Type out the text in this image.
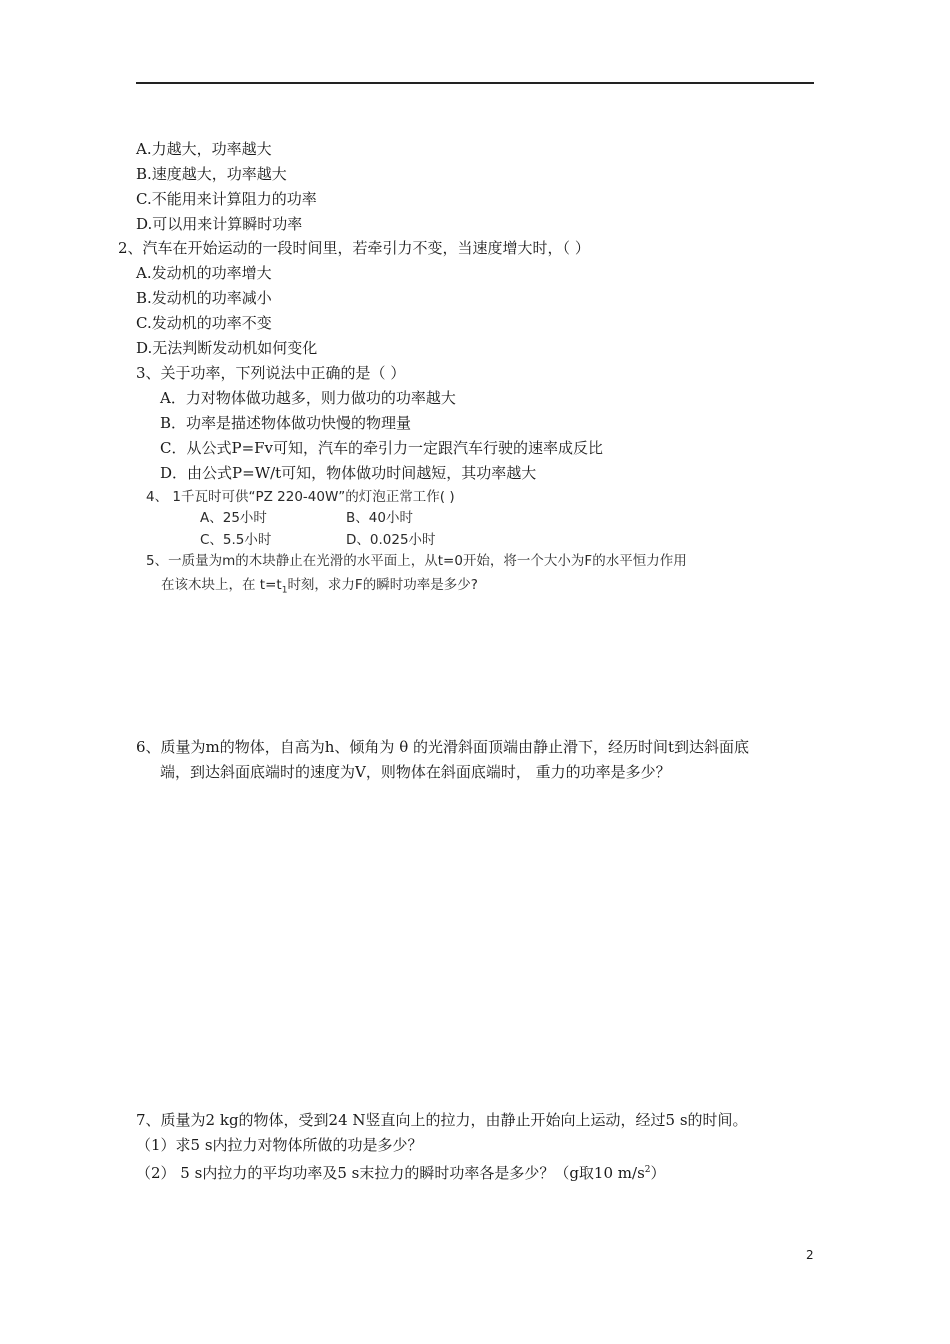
A.力越大，功率越大
B.速度越大，功率越大
C.不能用来计算阻力的功率
D.可以用来计算瞬时功率
2、汽车在开始运动的一段时间里，若牵引力不变，当速度增大时，（ ）
A.发动机的功率增大
B.发动机的功率减小
C.发动机的功率不变
D.无法判断发动机如何变化
3、关于功率，下列说法中正确的是（ ）
A．力对物体做功越多，则力做功的功率越大
B．功率是描述物体做功快慢的物理量
C．从公式P=Fv可知，汽车的牵引力一定跟汽车行驶的速率成反比
D．由公式P=W/t可知，物体做功时间越短，其功率越大
4、 1千瓦时可供“PZ 220-40W”的灯泡正常工作( )
A、25小时	B、40小时
C、5.5小时	D、0.025小时
5、一质量为m的木块静止在光滑的水平面上，从t=0开始，将一个大小为F的水平恒力作用
在该木块上，在 $t=t_1$时刻，求力F的瞬时功率是多少?
6、质量为m的物体，自高为h、倾角为 θ 的光滑斜面顶端由静止滑下，经历时间t到达斜面底
端，到达斜面底端时的速度为V，则物体在斜面底端时， 重力的功率是多少？
7、质量为2 kg的物体，受到24 N竖直向上的拉力，由静止开始向上运动，经过5 s的时间。
（1）求5 s内拉力对物体所做的功是多少？
（2） 5 s内拉力的平均功率及5 s末拉力的瞬时功率各是多少？（g取10 $m/s^2$）
2
